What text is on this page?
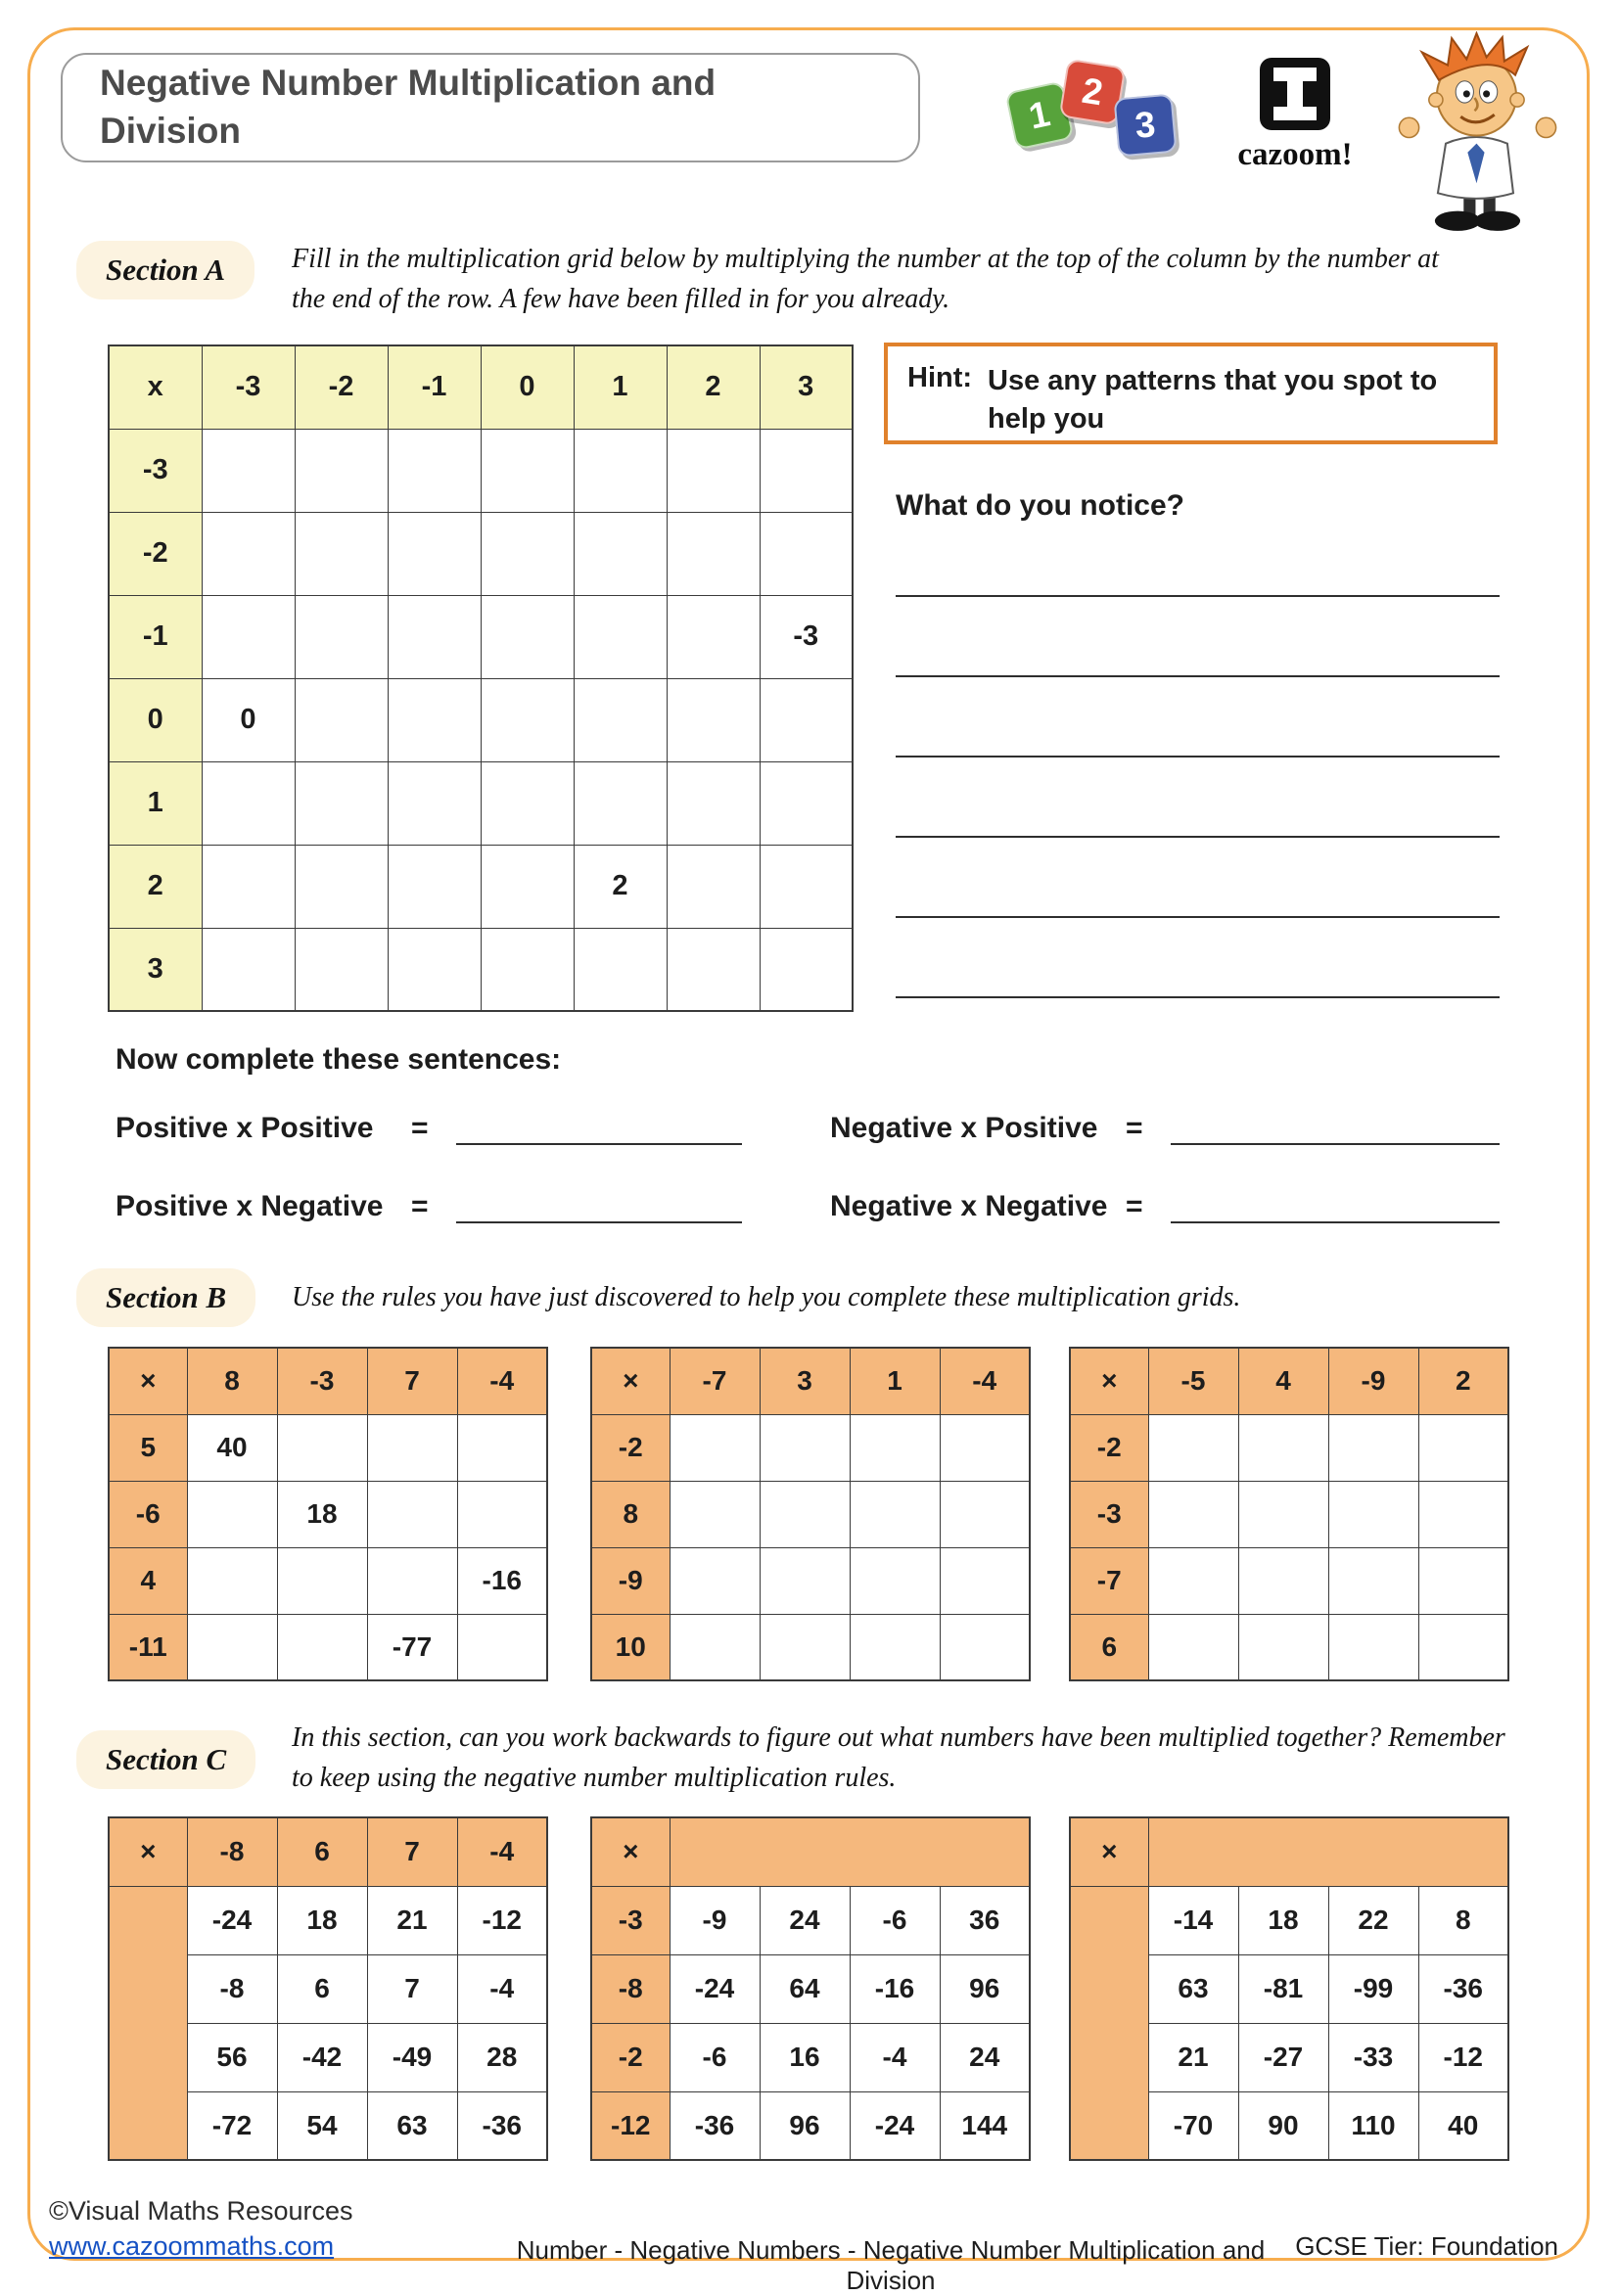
Negative Number Multiplication and Division	1
2
3
cazoom!
Section A	Fill in the multiplication grid below by multiplying the number at the top of the column by the number at the end of the row. A few have been filled in for you already.
x	-3	-2	-1	0	1	2	3
-3							
-2							
-1							-3
0	0						
1							
2					2		
3							
Hint: Use any patterns that you spot to help you
What do you notice?
Now complete these sentences:
Positive x Positive	=	Negative x Positive =
Positive x Negative =	Negative x Negative =
Section B	Use the rules you have just discovered to help you complete these multiplication grids.
×	8	-3	7	-4
5	40			
-6		18		
4				-16
-11			-77	
×	-7	3	1	-4
-2				
8				
-9				
10				
×	-5	4	-9	2
-2				
-3				
-7				
6				
Section C
In this section, can you work backwards to figure out what numbers have been multiplied together? Remember to keep using the negative number multiplication rules.
×	-8	6	7	-4
	-24	18	21	-12
	-8	6	7	-4
	56	-42	-49	28
	-72	54	63	-36
×				
-3	-9	24	-6	36
-8	-24	64	-16	96
-2	-6	16	-4	24
-12	-36	96	-24	144
×				
	-14	18	22	8
	63	-81	-99	-36
	21	-27	-33	-12
	-70	90	110	40
©Visual Maths Resources
www.cazoommaths.com	Number - Negative Numbers - Negative Number Multiplication and Division
GCSE Tier: Foundation
